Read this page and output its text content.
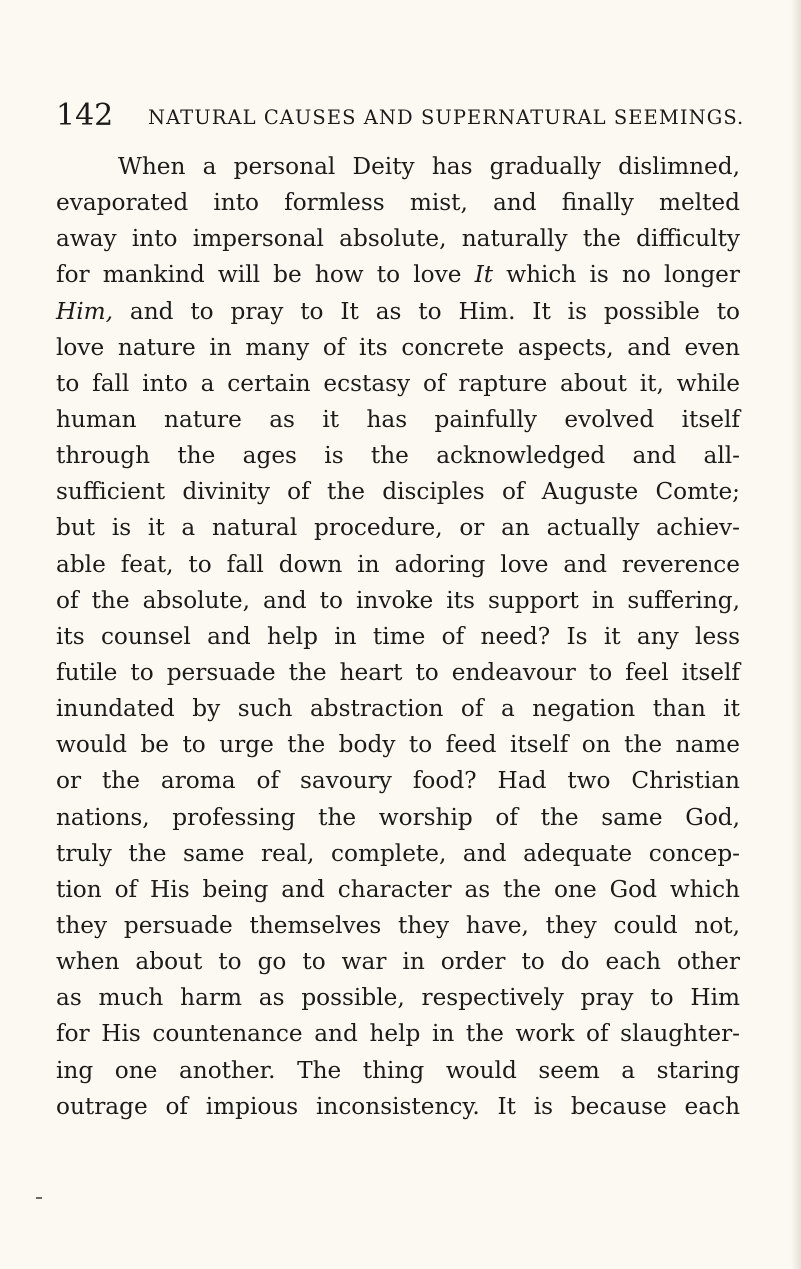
142 NATURAL CAUSES AND SUPERNATURAL SEEMINGS.
When a personal Deity has gradually dislimned,
evaporated into formless mist, and finally melted
away into impersonal absolute, naturally the difficulty
for mankind will be how to love It which is no longer
Him, and to pray to It as to Him. It is possible to
love nature in many of its concrete aspects, and even
to fall into a certain ecstasy of rapture about it, while
human nature as it has painfully evolved itself
through the ages is the acknowledged and all-
sufficient divinity of the disciples of Auguste Comte;
but is it a natural procedure, or an actually achiev-
able feat, to fall down in adoring love and reverence
of the absolute, and to invoke its support in suffering,
its counsel and help in time of need? Is it any less
futile to persuade the heart to endeavour to feel itself
inundated by such abstraction of a negation than it
would be to urge the body to feed itself on the name
or the aroma of savoury food? Had two Christian
nations, professing the worship of the same God,
truly the same real, complete, and adequate concep-
tion of His being and character as the one God which
they persuade themselves they have, they could not,
when about to go to war in order to do each other
as much harm as possible, respectively pray to Him
for His countenance and help in the work of slaughter-
ing one another. The thing would seem a staring
outrage of impious inconsistency. It is because each
